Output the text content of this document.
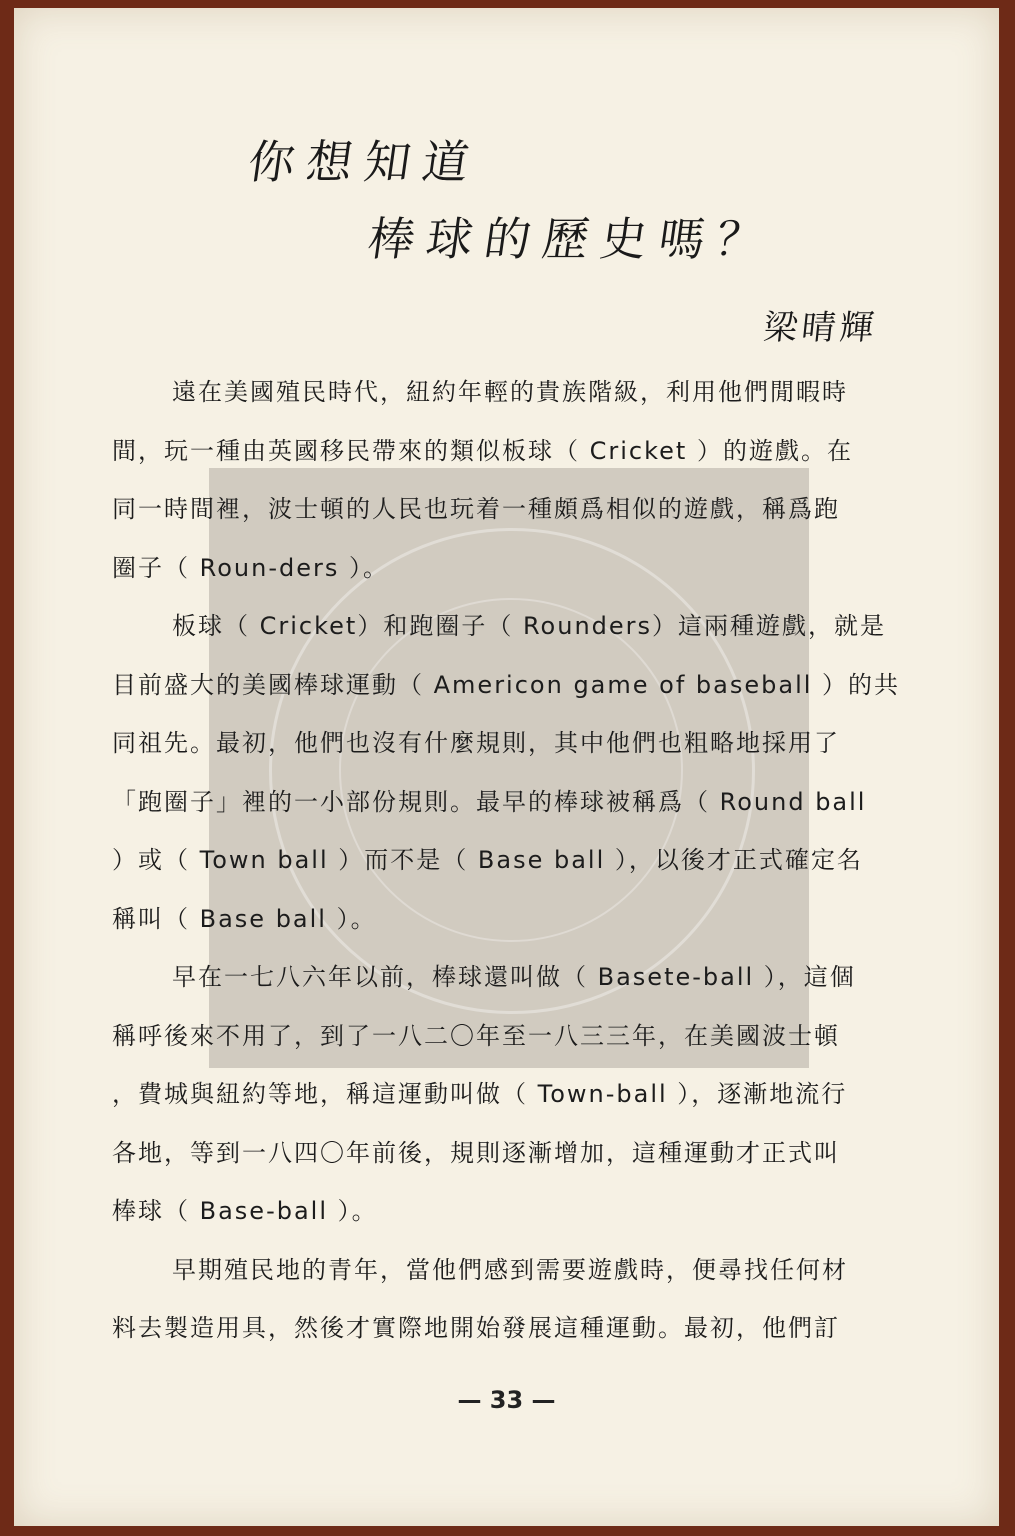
你想知道
棒球的歷史嗎？
梁晴輝
遠在美國殖民時代，紐約年輕的貴族階級，利用他們閒暇時
間，玩一種由英國移民帶來的類似板球（ Cricket ）的遊戲。在
同一時間裡，波士頓的人民也玩着一種頗爲相似的遊戲，稱爲跑
圈子（ Roun-ders ）。
板球（ Cricket）和跑圈子（ Rounders）這兩種遊戲，就是
目前盛大的美國棒球運動（ Americon game of baseball ）的共
同祖先。最初，他們也沒有什麼規則，其中他們也粗略地採用了
「跑圈子」裡的一小部份規則。最早的棒球被稱爲（ Round ball
）或（ Town ball ）而不是（ Base ball ），以後才正式確定名
稱叫（ Base ball ）。
早在一七八六年以前，棒球還叫做（ Basete-ball ），這個
稱呼後來不用了，到了一八二〇年至一八三三年，在美國波士頓
，費城與紐約等地，稱這運動叫做（ Town-ball ），逐漸地流行
各地，等到一八四〇年前後，規則逐漸增加，這種運動才正式叫
棒球（ Base-ball ）。
早期殖民地的青年，當他們感到需要遊戲時，便尋找任何材
料去製造用具，然後才實際地開始發展這種運動。最初，他們訂
— 33 —
